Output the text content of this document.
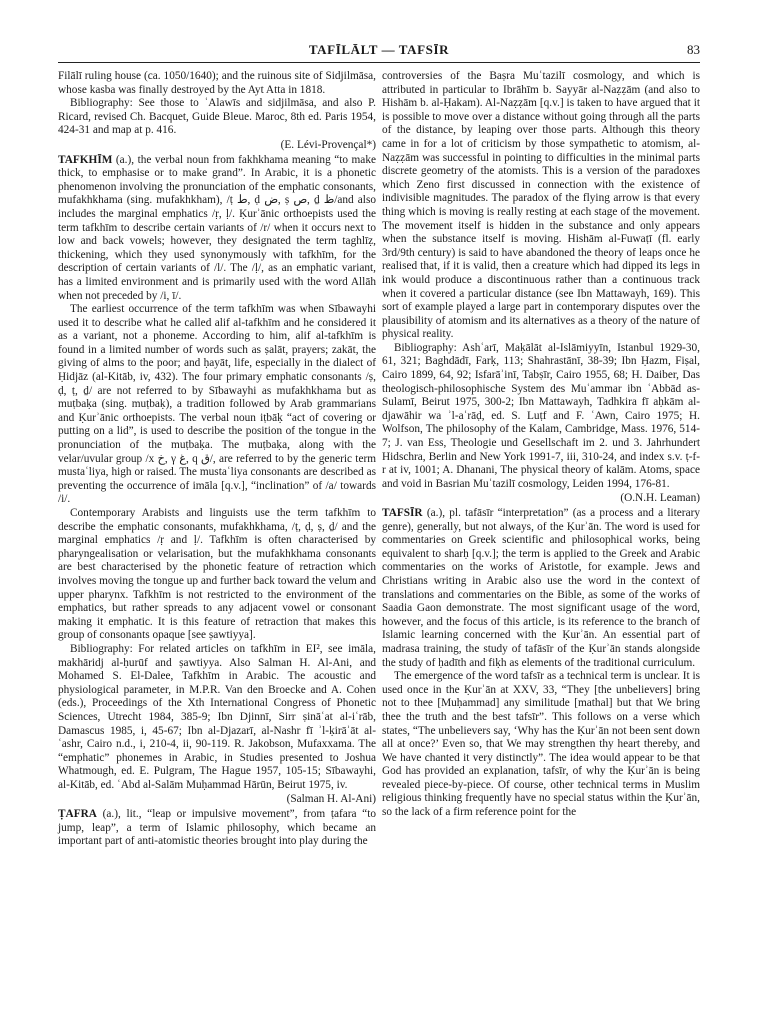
TAFĪLĀLT — TAFSĪR	83

Filālī ruling house (ca. 1050/1640); and the ruinous site of Sidjilmāsa, whose kasba was finally destroyed by the Ayt Atta in 1818.

Bibliography: See those to ʿAlawīs and sidjilmāsa, and also P. Ricard, revised Ch. Bacquet, Guide Bleue. Maroc, 8th ed. Paris 1954, 424-31 and map at p. 416.

(E. Lévi-Provençal*)

TAFKHĪM (a.), the verbal noun from fakhkhama meaning “to make thick, to emphasise or to make grand”. In Arabic, it is a phonetic phenomenon involving the pronunciation of the emphatic consonants, mufakhkhama (sing. mufakhkham), /ṭ ط, ḍ ض, ṣ ص, ḏ ظ/and also includes the marginal emphatics /ṛ, ḷ/. Ḳurʾānic orthoepists used the term tafkhīm to describe certain variants of /r/ when it occurs next to low and back vowels; however, they designated the term taghlīẓ, thickening, which they used synonymously with tafkhīm, for the description of certain variants of /l/. The /ḷ/, as an emphatic variant, has a limited environment and is primarily used with the word Allāh when not preceded by /i, ī/.

The earliest occurrence of the term tafkhīm was when Sībawayhi used it to describe what he called alif al-tafkhīm and he considered it as a variant, not a phoneme. According to him, alif al-tafkhīm is found in a limited number of words such as ṣalāt, prayers; zakāt, the giving of alms to the poor; and ḥayāt, life, especially in the dialect of Ḥidjāz (al-Kitāb, iv, 432). The four primary emphatic consonants /ṣ, ḍ, ṭ, ḏ/ are not referred to by Sībawayhi as mufakhkhama but as muṭbaḳa (sing. muṭbaḳ), a tradition followed by Arab grammarians and Ḳurʾānic orthoepists. The verbal noun iṭbāḳ “act of covering or putting on a lid”, is used to describe the position of the tongue in the pronunciation of the muṭbaḳa. The muṭbaḳa, along with the velar/uvular group /x خ, γ غ, q ق/, are referred to by the generic term mustaʿliya, high or raised. The mustaʿliya consonants are described as preventing the occurrence of imāla [q.v.], “inclination” of /a/ towards /i/.

Contemporary Arabists and linguists use the term tafkhīm to describe the emphatic consonants, mufakhkhama, /ṭ, ḍ, ṣ, ḏ/ and the marginal emphatics /ṛ and ḷ/. Tafkhīm is often characterised by pharyngealisation or velarisation, but the mufakhkhama consonants are best characterised by the phonetic feature of retraction which involves moving the tongue up and further back toward the velum and upper pharynx. Tafkhīm is not restricted to the environment of the emphatics, but rather spreads to any adjacent vowel or consonant making it emphatic. It is this feature of retraction that makes this group of consonants opaque [see ṣawtiyya].

Bibliography: For related articles on tafkhīm in EI², see imāla, makhāridj al-ḥurūf and ṣawtiyya. Also Salman H. Al-Ani, and Mohamed S. El-Dalee, Tafkhīm in Arabic. The acoustic and physiological parameter, in M.P.R. Van den Broecke and A. Cohen (eds.), Proceedings of the Xth International Congress of Phonetic Sciences, Utrecht 1984, 385-9; Ibn Djinnī, Sirr ṣināʿat al-iʿrāb, Damascus 1985, i, 45-67; Ibn al-Djazarī, al-Nashr fī ʾl-ḳirāʾāt al-ʿashr, Cairo n.d., i, 210-4, ii, 90-119. R. Jakobson, Mufaxxama. The “emphatic” phonemes in Arabic, in Studies presented to Joshua Whatmough, ed. E. Pulgram, The Hague 1957, 105-15; Sībawayhi, al-Kitāb, ed. ʿAbd al-Salām Muḥammad Hārūn, Beirut 1975, iv.

(Salman H. Al-Ani)

ṬAFRA (a.), lit., “leap or impulsive movement”, from ṭafara “to jump, leap”, a term of Islamic philosophy, which became an important part of anti-atomistic theories brought into play during the

controversies of the Baṣra Muʿtazilī cosmology, and which is attributed in particular to Ibrāhīm b. Sayyār al-Naẓẓām (and also to Hishām b. al-Ḥakam). Al-Naẓẓām [q.v.] is taken to have argued that it is possible to move over a distance without going through all the parts of the distance, by leaping over those parts. Although this theory came in for a lot of criticism by those sympathetic to atomism, al-Naẓẓām was successful in pointing to difficulties in the minimal parts discrete geometry of the atomists. This is a version of the paradoxes which Zeno first discussed in connection with the existence of indivisible magnitudes. The paradox of the flying arrow is that every thing which is moving is really resting at each stage of the movement. The movement itself is hidden in the substance and only appears when the substance itself is moving. Hishām al-Fuwaṭī (fl. early 3rd/9th century) is said to have abandoned the theory of leaps once he realised that, if it is valid, then a creature which had dipped its legs in ink would produce a discontinuous rather than a continuous track when it covered a particular distance (see Ibn Mattawayh, 169). This sort of example played a large part in contemporary disputes over the plausibility of atomism and its alternatives as a theory of the nature of physical reality.

Bibliography: Ashʿarī, Maḳālāt al-Islāmiyyīn, Istanbul 1929-30, 61, 321; Baghdādī, Farḳ, 113; Shahrastānī, 38-39; Ibn Ḥazm, Fiṣal, Cairo 1899, 64, 92; Isfarāʾinī, Tabṣīr, Cairo 1955, 68; H. Daiber, Das theologisch-philosophische System des Muʿammar ibn ʿAbbād as-Sulamī, Beirut 1975, 300-2; Ibn Mattawayh, Tadhkira fī aḥkām al-djawāhir wa ʾl-aʿrāḍ, ed. S. Luṭf and F. ʿAwn, Cairo 1975; H. Wolfson, The philosophy of the Kalam, Cambridge, Mass. 1976, 514-7; J. van Ess, Theologie und Gesellschaft im 2. und 3. Jahrhundert Hidschra, Berlin and New York 1991-7, iii, 310-24, and index s.v. ṭ-f-r at iv, 1001; A. Dhanani, The physical theory of kalām. Atoms, space and void in Basrian Muʿtazilī cosmology, Leiden 1994, 176-81.

(O.N.H. Leaman)

TAFSĪR (a.), pl. tafāsīr “interpretation” (as a process and a literary genre), generally, but not always, of the Ḳurʾān. The word is used for commentaries on Greek scientific and philosophical works, being equivalent to sharḥ [q.v.]; the term is applied to the Greek and Arabic commentaries on the works of Aristotle, for example. Jews and Christians writing in Arabic also use the word in the context of translations and commentaries on the Bible, as some of the works of Saadia Gaon demonstrate. The most significant usage of the word, however, and the focus of this article, is its reference to the branch of Islamic learning concerned with the Ḳurʾān. An essential part of madrasa training, the study of tafāsīr of the Ḳurʾān stands alongside the study of ḥadīth and fiḳh as elements of the traditional curriculum.

The emergence of the word tafsīr as a technical term is unclear. It is used once in the Ḳurʾān at XXV, 33, “They [the unbelievers] bring not to thee [Muḥammad] any similitude [mathal] but that We bring thee the truth and the best tafsīr”. This follows on a verse which states, “The unbelievers say, ‘Why has the Ḳurʾān not been sent down all at once?’ Even so, that We may strengthen thy heart thereby, and We have chanted it very distinctly”. The idea would appear to be that God has provided an explanation, tafsīr, of why the Ḳurʾān is being revealed piece-by-piece. Of course, other technical terms in Muslim religious thinking frequently have no special status within the Ḳurʾān, so the lack of a firm reference point for the
